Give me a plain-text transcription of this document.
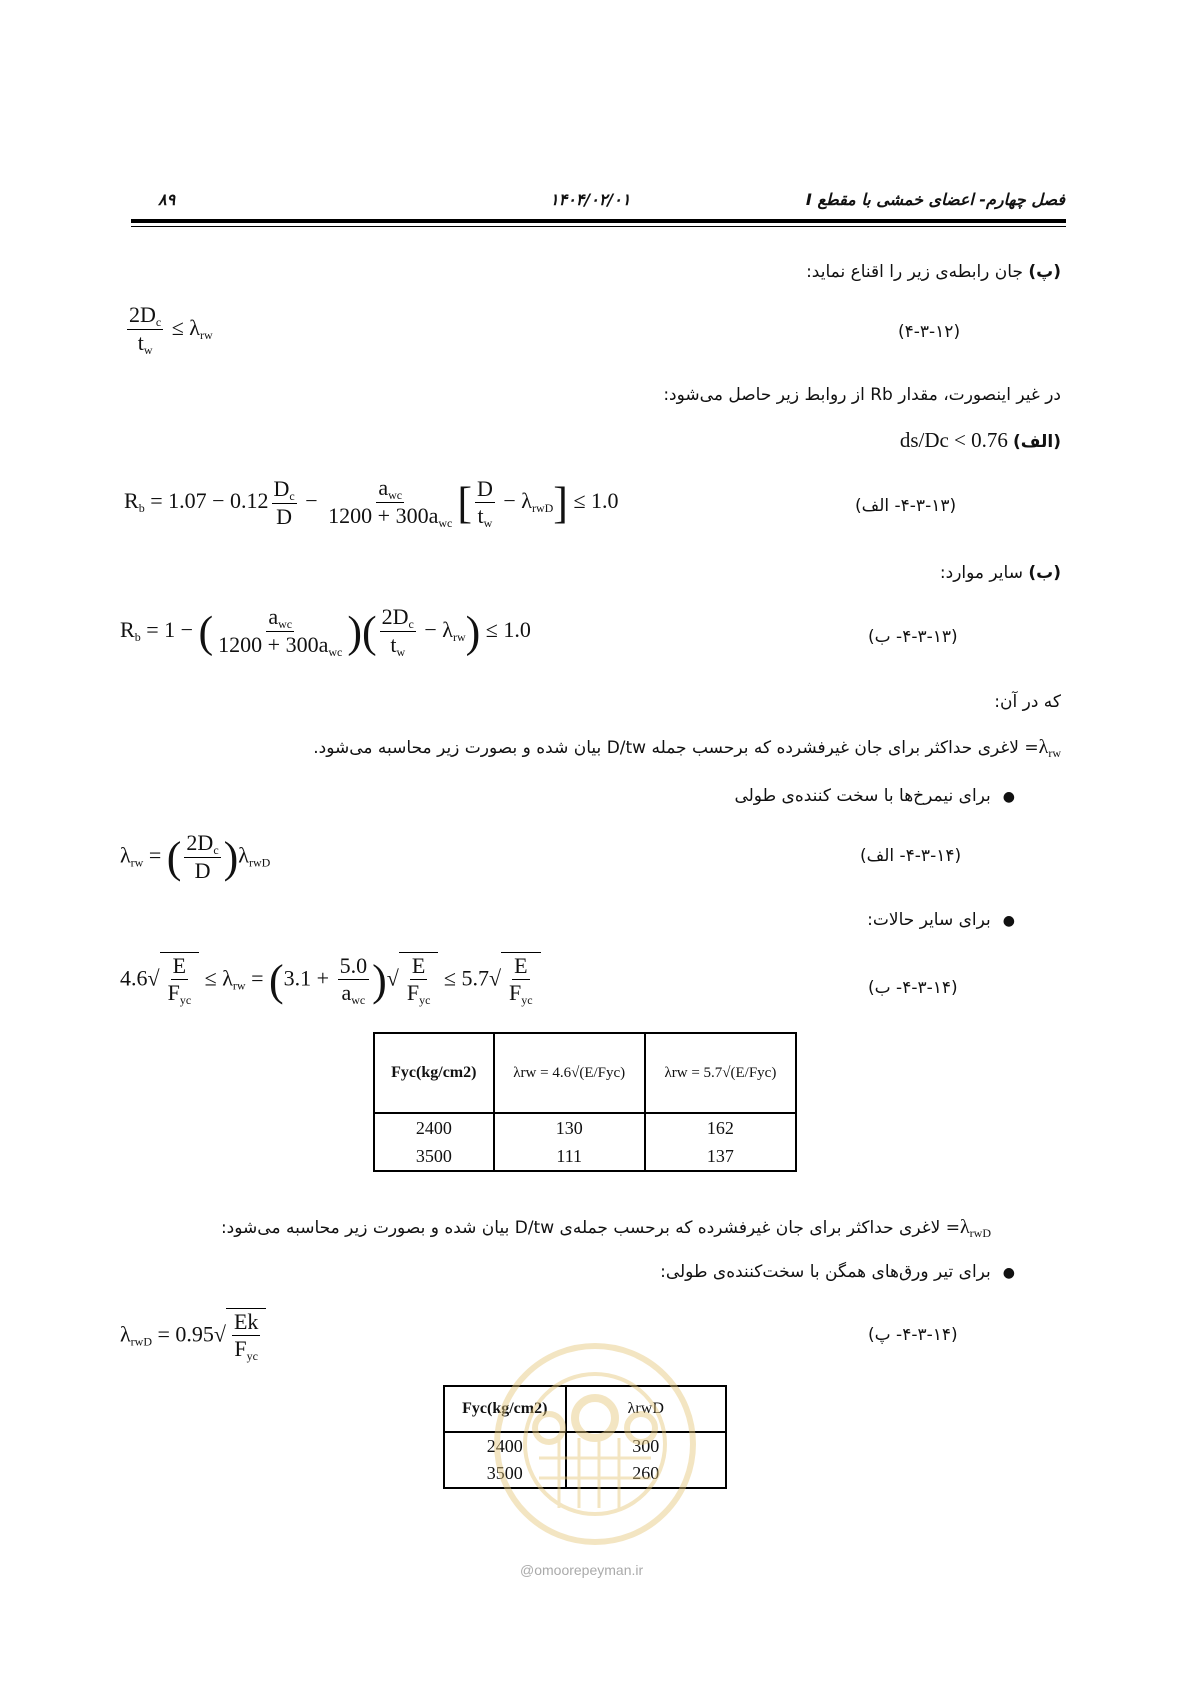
فصل چهارم- اعضای خمشی با مقطع I
۱۴۰۴/۰۲/۰۱
۸۹
(پ) جان رابطه‌ی زیر را اقناع نماید:
$\frac{2D_c}{t_w} \le \lambda_{rw}$	(۴-۳-۱۲)
در غیر اینصورت، مقدار Rb از روابط زیر حاصل می‌شود:
(الف) ds/Dc < 0.76
$R_b = 1.07 - 0.12 \frac{D_c}{D} - \frac{a_{wc}}{1200 + 300a_{wc}}$ [ $\frac{D}{t_w} - \lambda_{rwD}] \le 1.0$	(۴-۳-۱۳- الف)
(ب) سایر موارد:
$R_b = 1$ − ( $\frac{a_{wc}}{1200 + 300a_{wc}}$ )( $\frac{2D_c}{t_w} - \lambda_{rw}) \le 1.0$	(۴-۳-۱۳- ب)
که در آن:
$\lambda_{rw}=$ لاغری حداکثر برای جان غیرفشرده که برحسب جمله D/tw بیان شده و بصورت زیر محاسبه می‌شود.
●برای نیمرخ‌ها با سخت کننده‌ی طولی
$\lambda_{rw}$ = ( $\frac{2D_c}{D} )\lambda_{rwD}$	(۴-۳-۱۴- الف)
●برای سایر حالات:
$4.6√ \frac{E}{F_{yc}} \le \lambda_{rw} = (3.1 + \frac{5.0}{a_{wc}}$ )√ $\frac{E}{F_{yc}} \le 5.7√ \frac{E}{F_{yc}}$	(۴-۳-۱۴- ب)
Fyc(kg/cm2)	λrw = 4.6√(E/Fyc)	λrw = 5.7√(E/Fyc)
2400	130	162
3500	111	137
$\lambda_{rwD}=$ لاغری حداکثر برای جان غیرفشرده که برحسب جمله‌ی D/tw بیان شده و بصورت زیر محاسبه می‌شود:
●برای تیر ورق‌های همگن با سخت‌کننده‌ی طولی:
$\lambda_{rwD} = 0.95√ \frac{Ek}{F_{yc}}$	(۴-۳-۱۴- پ)
Fyc(kg/cm2)	λrwD
2400	300
3500	260
@omoorepeyman.ir
